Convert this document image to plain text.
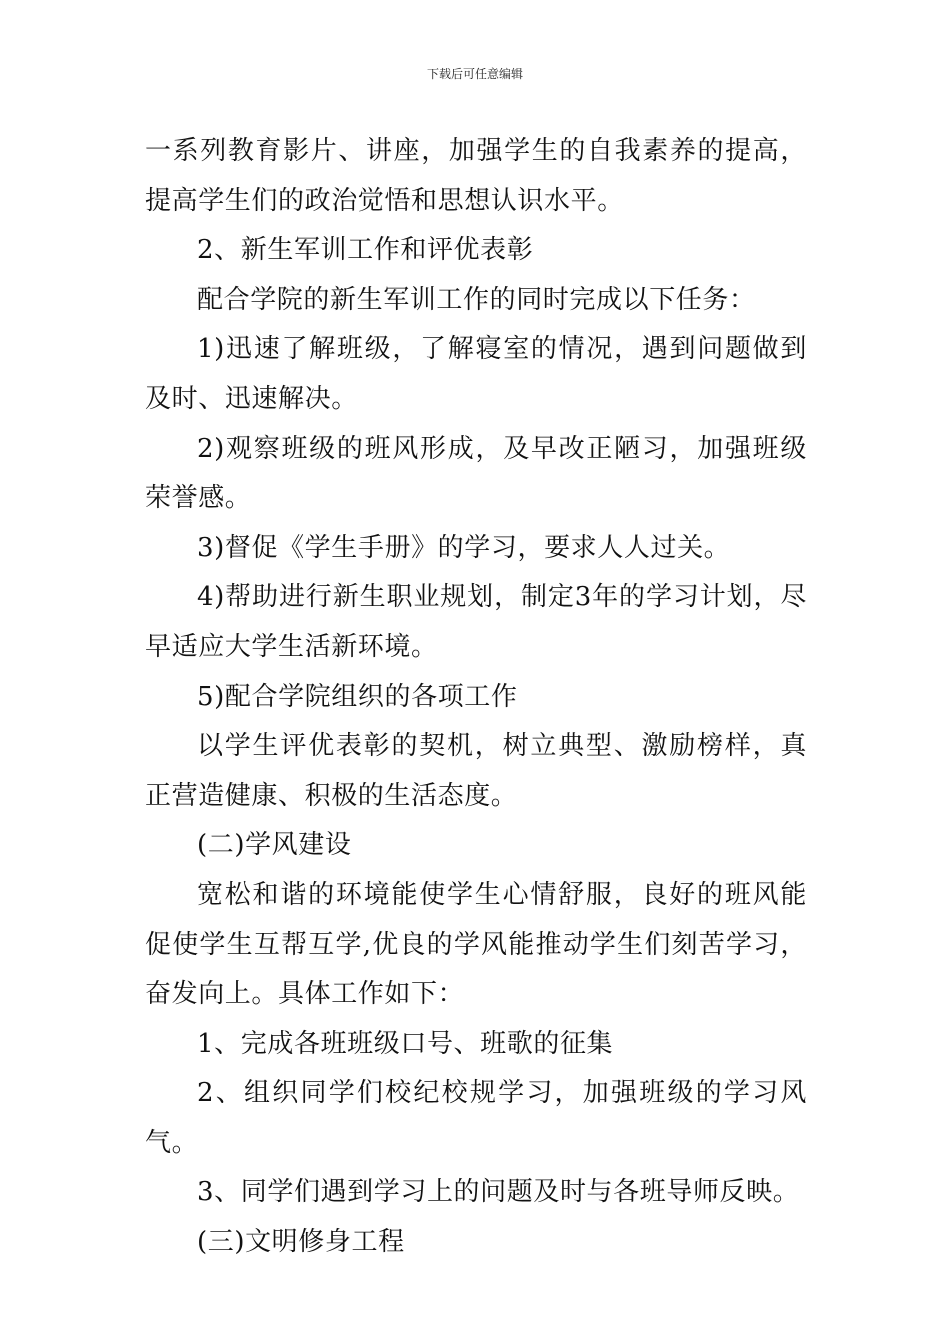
下载后可任意编辑

一系列教育影片、讲座，加强学生的自我素养的提高，提高学生们的政治觉悟和思想认识水平。

2、新生军训工作和评优表彰

配合学院的新生军训工作的同时完成以下任务：

1)迅速了解班级，了解寝室的情况，遇到问题做到及时、迅速解决。

2)观察班级的班风形成，及早改正陋习，加强班级荣誉感。

3)督促《学生手册》的学习，要求人人过关。

4)帮助进行新生职业规划，制定3年的学习计划，尽早适应大学生活新环境。

5)配合学院组织的各项工作

以学生评优表彰的契机，树立典型、激励榜样，真正营造健康、积极的生活态度。

(二)学风建设

宽松和谐的环境能使学生心情舒服，良好的班风能促使学生互帮互学,优良的学风能推动学生们刻苦学习，奋发向上。具体工作如下：

1、完成各班班级口号、班歌的征集

2、组织同学们校纪校规学习，加强班级的学习风气。

3、同学们遇到学习上的问题及时与各班导师反映。

(三)文明修身工程
